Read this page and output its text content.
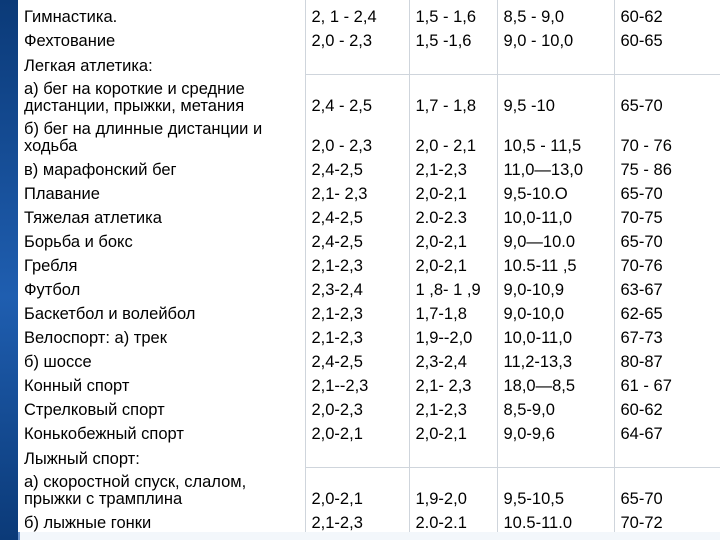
Гимнастика.	2, 1 - 2,4	1,5 - 1,6	8,5 - 9,0	60-62
Фехтование	2,0 - 2,3	1,5 -1,6	9,0 - 10,0	60-65
Легкая атлетика:				
а) бег на короткие и средние дистанции, прыжки, метания	2,4 - 2,5	1,7 - 1,8	9,5 -10	65-70
б) бег на длинные дистанции и ходьба	2,0 - 2,3	2,0 - 2,1	10,5 - 11,5	70 - 76
в) марафонский бег	2,4-2,5	2,1-2,3	11,0—13,0	75 - 86
Плавание	2,1- 2,3	2,0-2,1	9,5-10.О	65-70
Тяжелая атлетика	2,4-2,5	2.0-2.3	10,0-11,0	70-75
Борьба и бокс	2,4-2,5	2,0-2,1	9,0—10.0	65-70
Гребля	2,1-2,3	2,0-2,1	10.5-11 ,5	70-76
Футбол	2,3-2,4	1 ,8- 1 ,9	9,0-10,9	63-67
Баскетбол и волейбол	2,1-2,3	1,7-1,8	9,0-10,0	62-65
Велоспорт: а) трек	2,1-2,3	1,9--2,0	10,0-11,0	67-73
б) шоссе	2,4-2,5	2,3-2,4	11,2-13,3	80-87
Конный спорт	2,1--2,3	2,1- 2,3	18,0—8,5	61 - 67
Стрелковый спорт	2,0-2,3	2,1-2,3	8,5-9,0	60-62
Конькобежный спорт	2,0-2,1	2,0-2,1	9,0-9,6	64-67
Лыжный спорт:				
а) скоростной спуск, слалом, прыжки с трамплина	2,0-2,1	1,9-2,0	9,5-10,5	65-70
б) лыжные гонки	2,1-2,3	2.0-2.1	10.5-11.0	70-72
